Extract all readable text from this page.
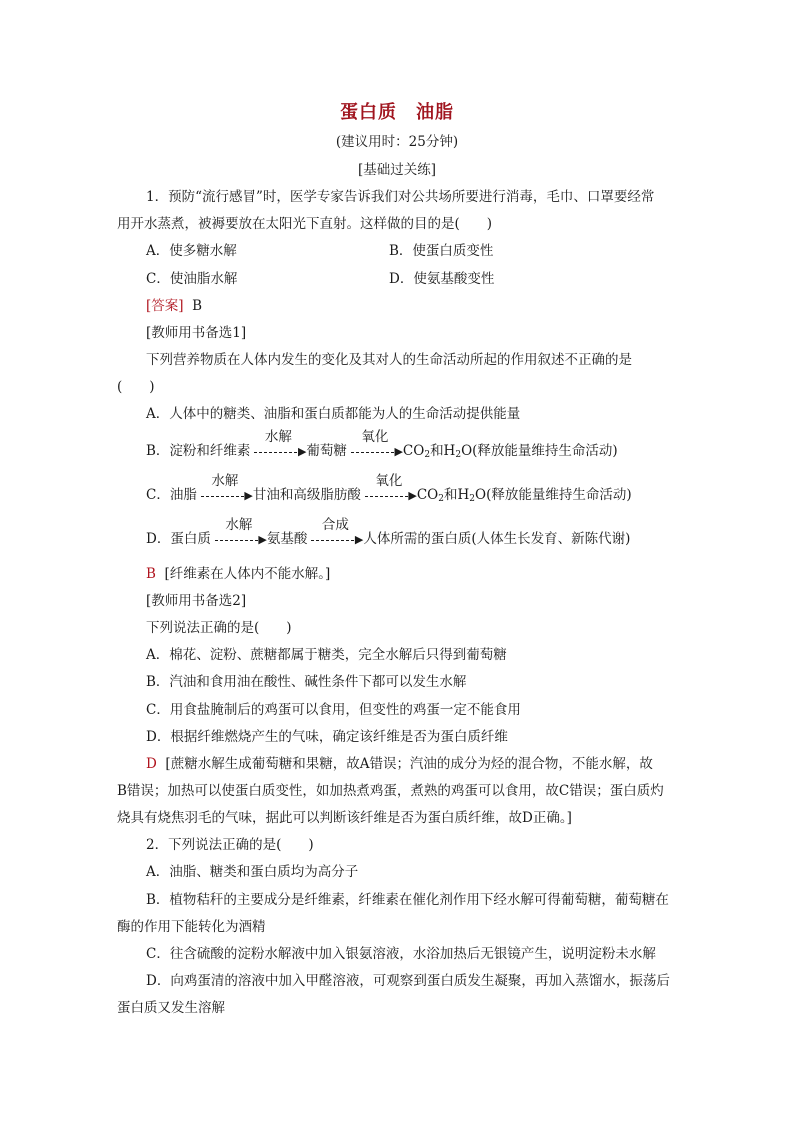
蛋白质　油脂
(建议用时：25分钟)
[基础过关练]
1．预防“流行感冒”时，医学专家告诉我们对公共场所要进行消毒，毛巾、口罩要经常
用开水蒸煮，被褥要放在太阳光下直射。这样做的目的是(　　)
A．使多糖水解	B．使蛋白质变性
C．使油脂水解	D．使氨基酸变性
[答案] B
[教师用书备选1]
下列营养物质在人体内发生的变化及其对人的生命活动所起的作用叙述不正确的是
(　　)
A．人体中的糖类、油脂和蛋白质都能为人的生命活动提供能量
B．淀粉和纤维素
水解
▶ 葡萄糖
氧化
▶ $CO_2$和$H_2O$(释放能量维持生命活动)
C．油脂
水解
▶ 甘油和高级脂肪酸
氧化
▶ $CO_2$和$H_2O$(释放能量维持生命活动)
D．蛋白质
水解
▶ 氨基酸
合成
▶ 人体所需的蛋白质(人体生长发育、新陈代谢)
B [纤维素在人体内不能水解。]
[教师用书备选2]
下列说法正确的是(　　)
A．棉花、淀粉、蔗糖都属于糖类，完全水解后只得到葡萄糖
B．汽油和食用油在酸性、碱性条件下都可以发生水解
C．用食盐腌制后的鸡蛋可以食用，但变性的鸡蛋一定不能食用
D．根据纤维燃烧产生的气味，确定该纤维是否为蛋白质纤维
D [蔗糖水解生成葡萄糖和果糖，故A错误；汽油的成分为烃的混合物，不能水解，故
B错误；加热可以使蛋白质变性，如加热煮鸡蛋，煮熟的鸡蛋可以食用，故C错误；蛋白质灼
烧具有烧焦羽毛的气味，据此可以判断该纤维是否为蛋白质纤维，故D正确。]
2．下列说法正确的是(　　)
A．油脂、糖类和蛋白质均为高分子
B．植物秸秆的主要成分是纤维素，纤维素在催化剂作用下经水解可得葡萄糖，葡萄糖在
酶的作用下能转化为酒精
C．往含硫酸的淀粉水解液中加入银氨溶液，水浴加热后无银镜产生，说明淀粉未水解
D．向鸡蛋清的溶液中加入甲醛溶液，可观察到蛋白质发生凝聚，再加入蒸馏水，振荡后
蛋白质又发生溶解
